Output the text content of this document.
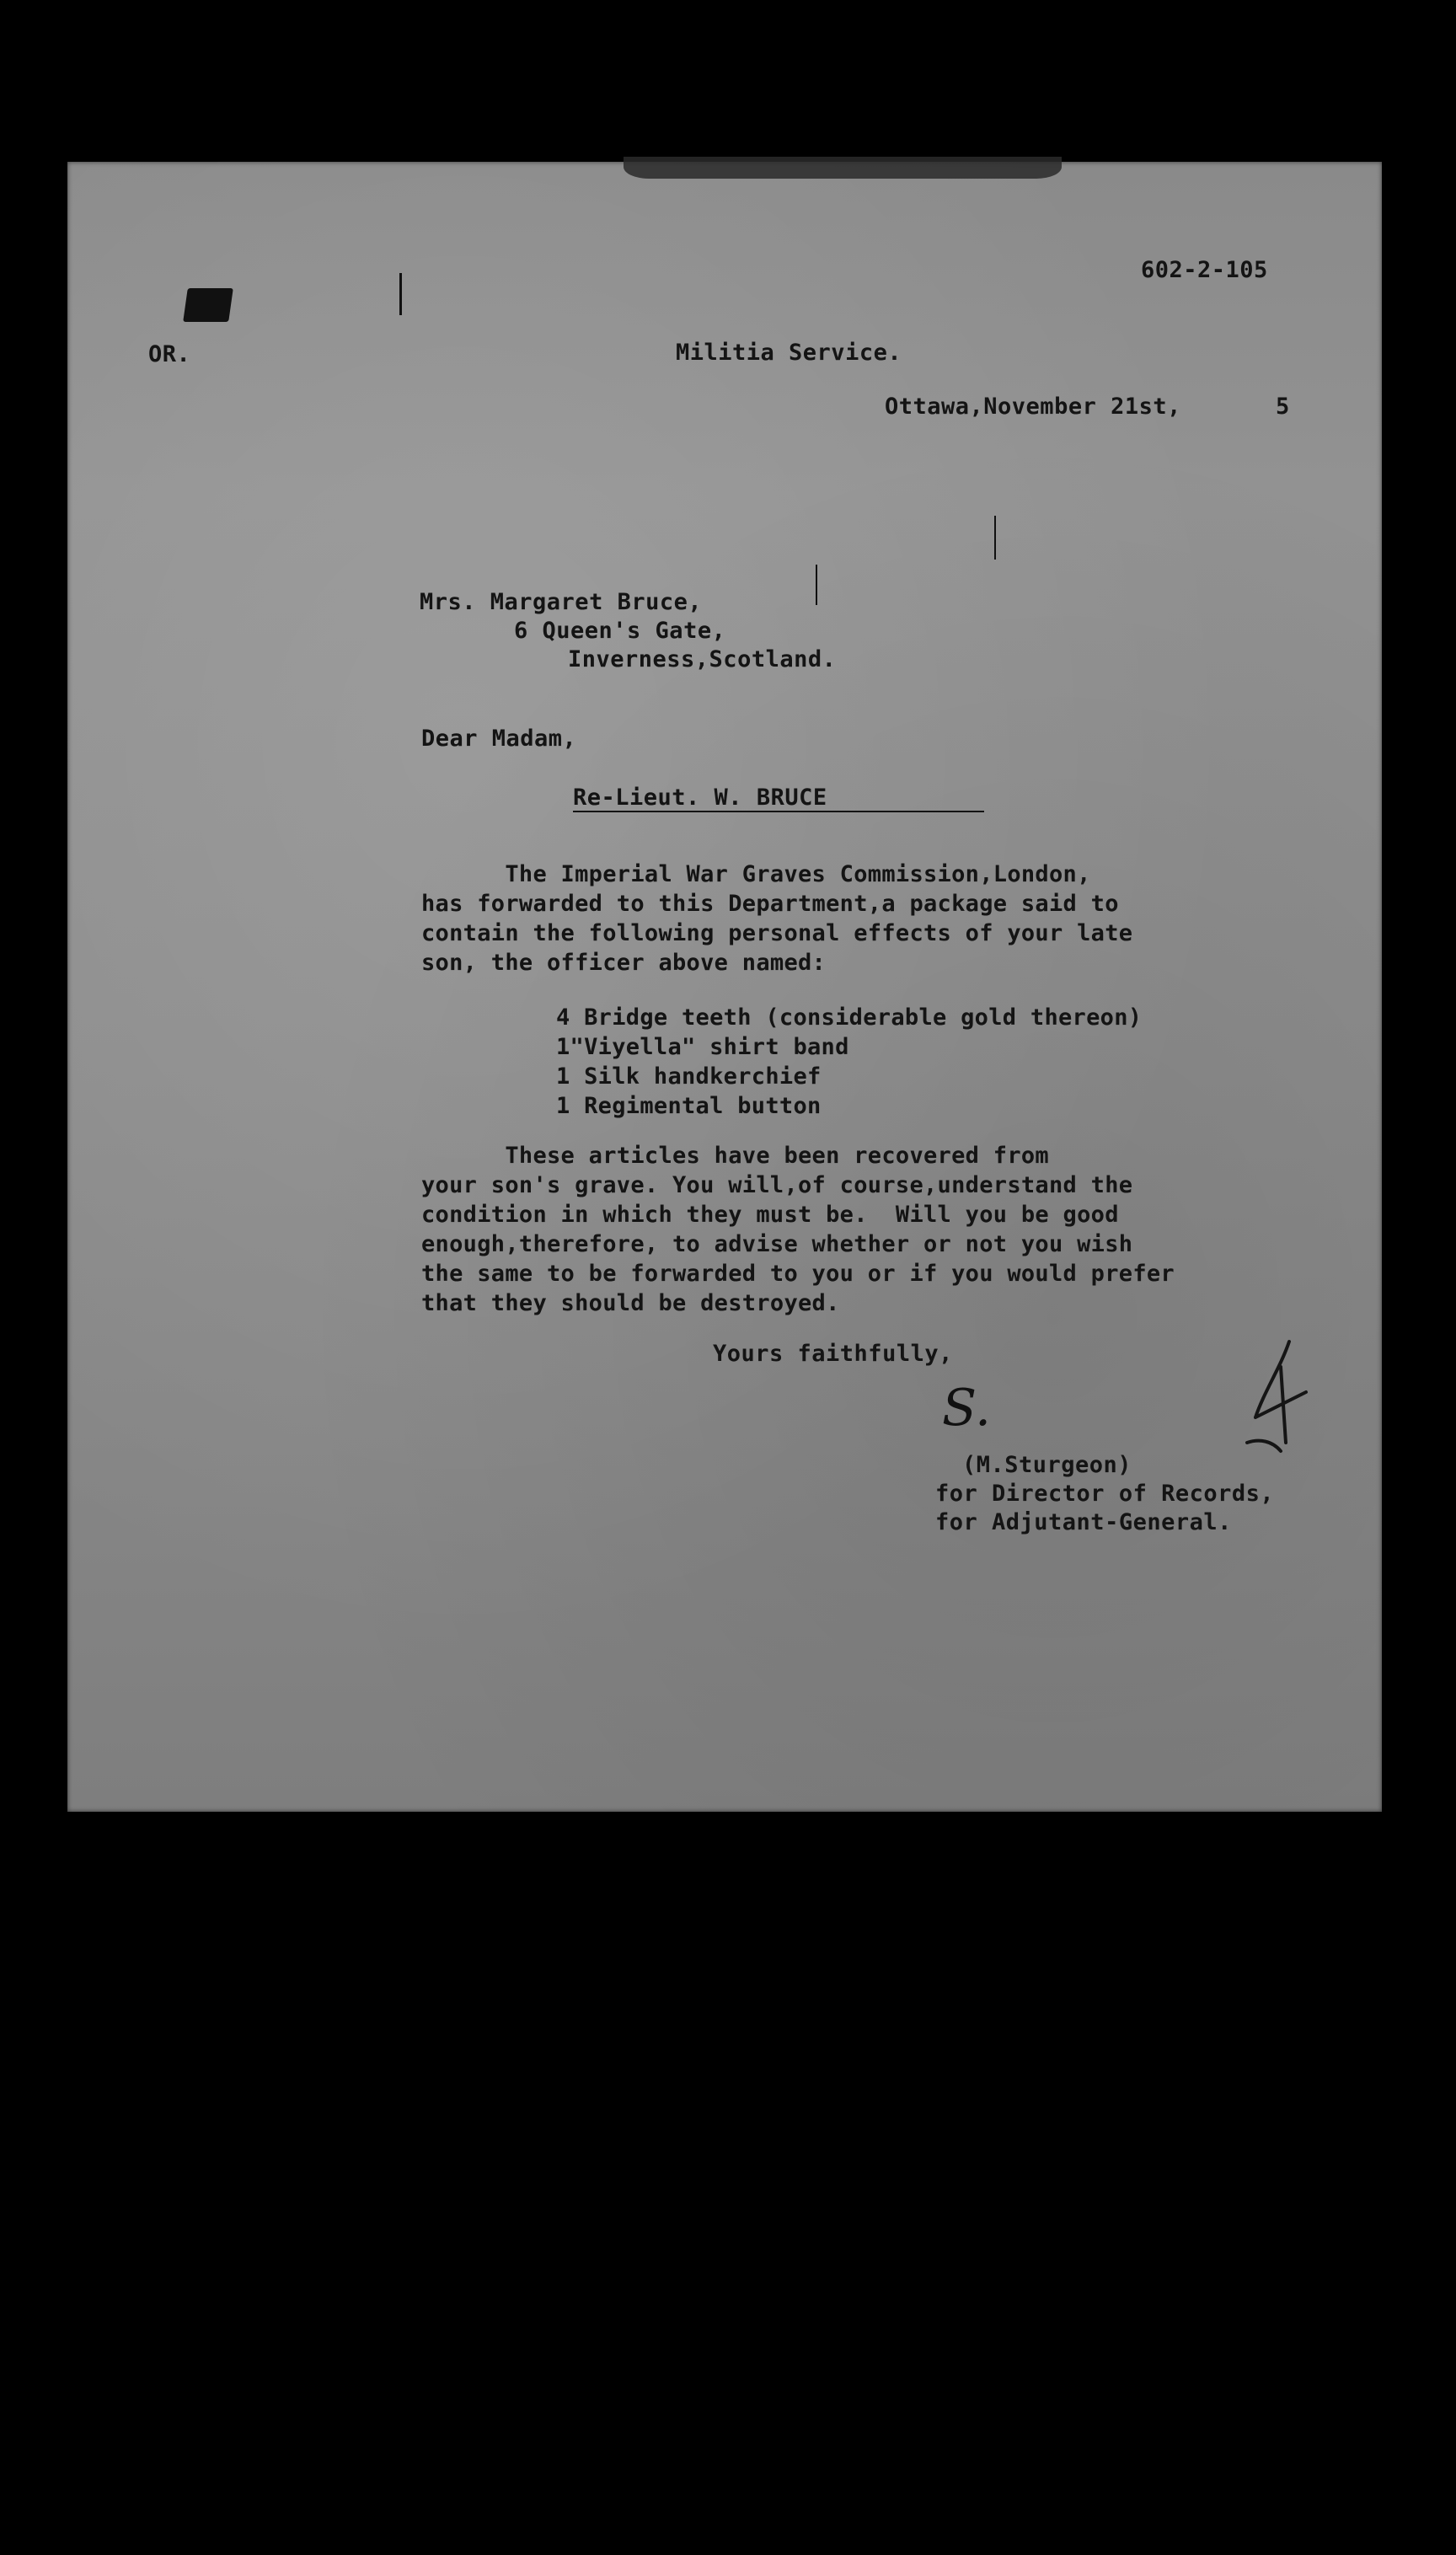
602-2-105
OR.	Militia Service.
Ottawa,November 21st,	5
Mrs. Margaret Bruce,
6 Queen's Gate,
Inverness,Scotland.
Dear Madam,
Re-Lieut. W. BRUCE
The Imperial War Graves Commission,London,
has forwarded to this Department,a package said to
contain the following personal effects of your late
son, the officer above named:
4 Bridge teeth (considerable gold thereon)
1"Viyella" shirt band
1 Silk handkerchief
1 Regimental button
These articles have been recovered from
your son's grave. You will,of course,understand the
condition in which they must be.  Will you be good
enough,therefore, to advise whether or not you wish
the same to be forwarded to you or if you would prefer
that they should be destroyed.
Yours faithfully,
S.
(M.Sturgeon)
for Director of Records,
for Adjutant-General.
